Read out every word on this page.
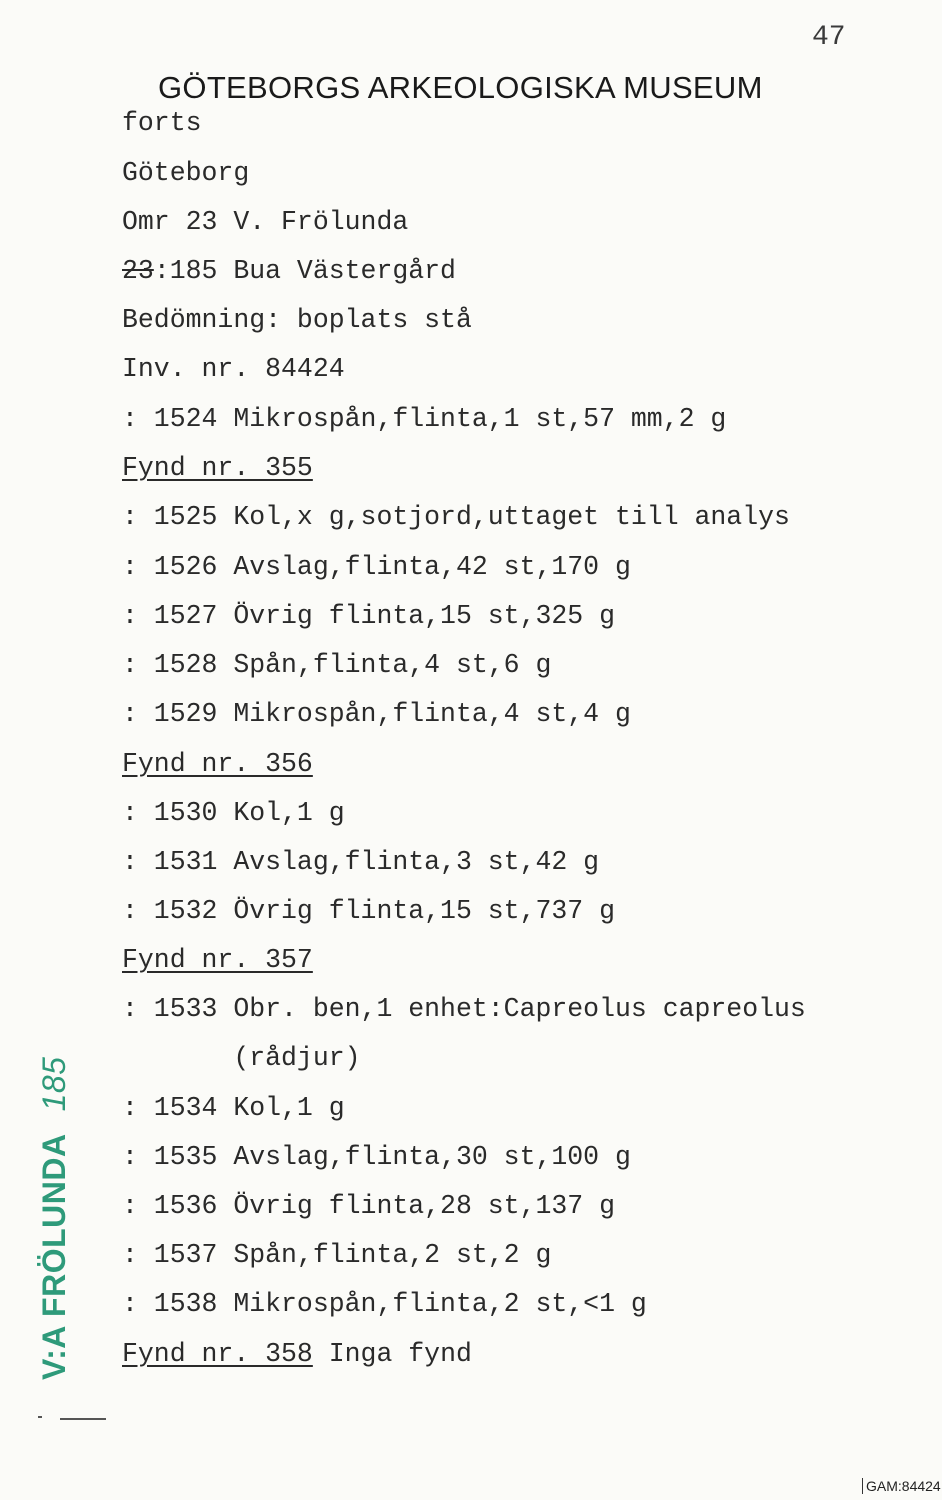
47
GÖTEBORGS ARKEOLOGISKA MUSEUM
forts
Göteborg
Omr 23 V. Frölunda
23:185 Bua Västergård
Bedömning: boplats stå
Inv. nr. 84424
: 1524 Mikrospån,flinta,1 st,57 mm,2 g
Fynd nr. 355
: 1525 Kol,x g,sotjord,uttaget till analys
: 1526 Avslag,flinta,42 st,170 g
: 1527 Övrig flinta,15 st,325 g
: 1528 Spån,flinta,4 st,6 g
: 1529 Mikrospån,flinta,4 st,4 g
Fynd nr. 356
: 1530 Kol,1 g
: 1531 Avslag,flinta,3 st,42 g
: 1532 Övrig flinta,15 st,737 g
Fynd nr. 357
: 1533 Obr. ben,1 enhet:Capreolus capreolus
(rådjur)
: 1534 Kol,1 g
: 1535 Avslag,flinta,30 st,100 g
: 1536 Övrig flinta,28 st,137 g
: 1537 Spån,flinta,2 st,2 g
: 1538 Mikrospån,flinta,2 st,<1 g
Fynd nr. 358 Inga fynd
V:A FRÖLUNDA185
GAM:84424
